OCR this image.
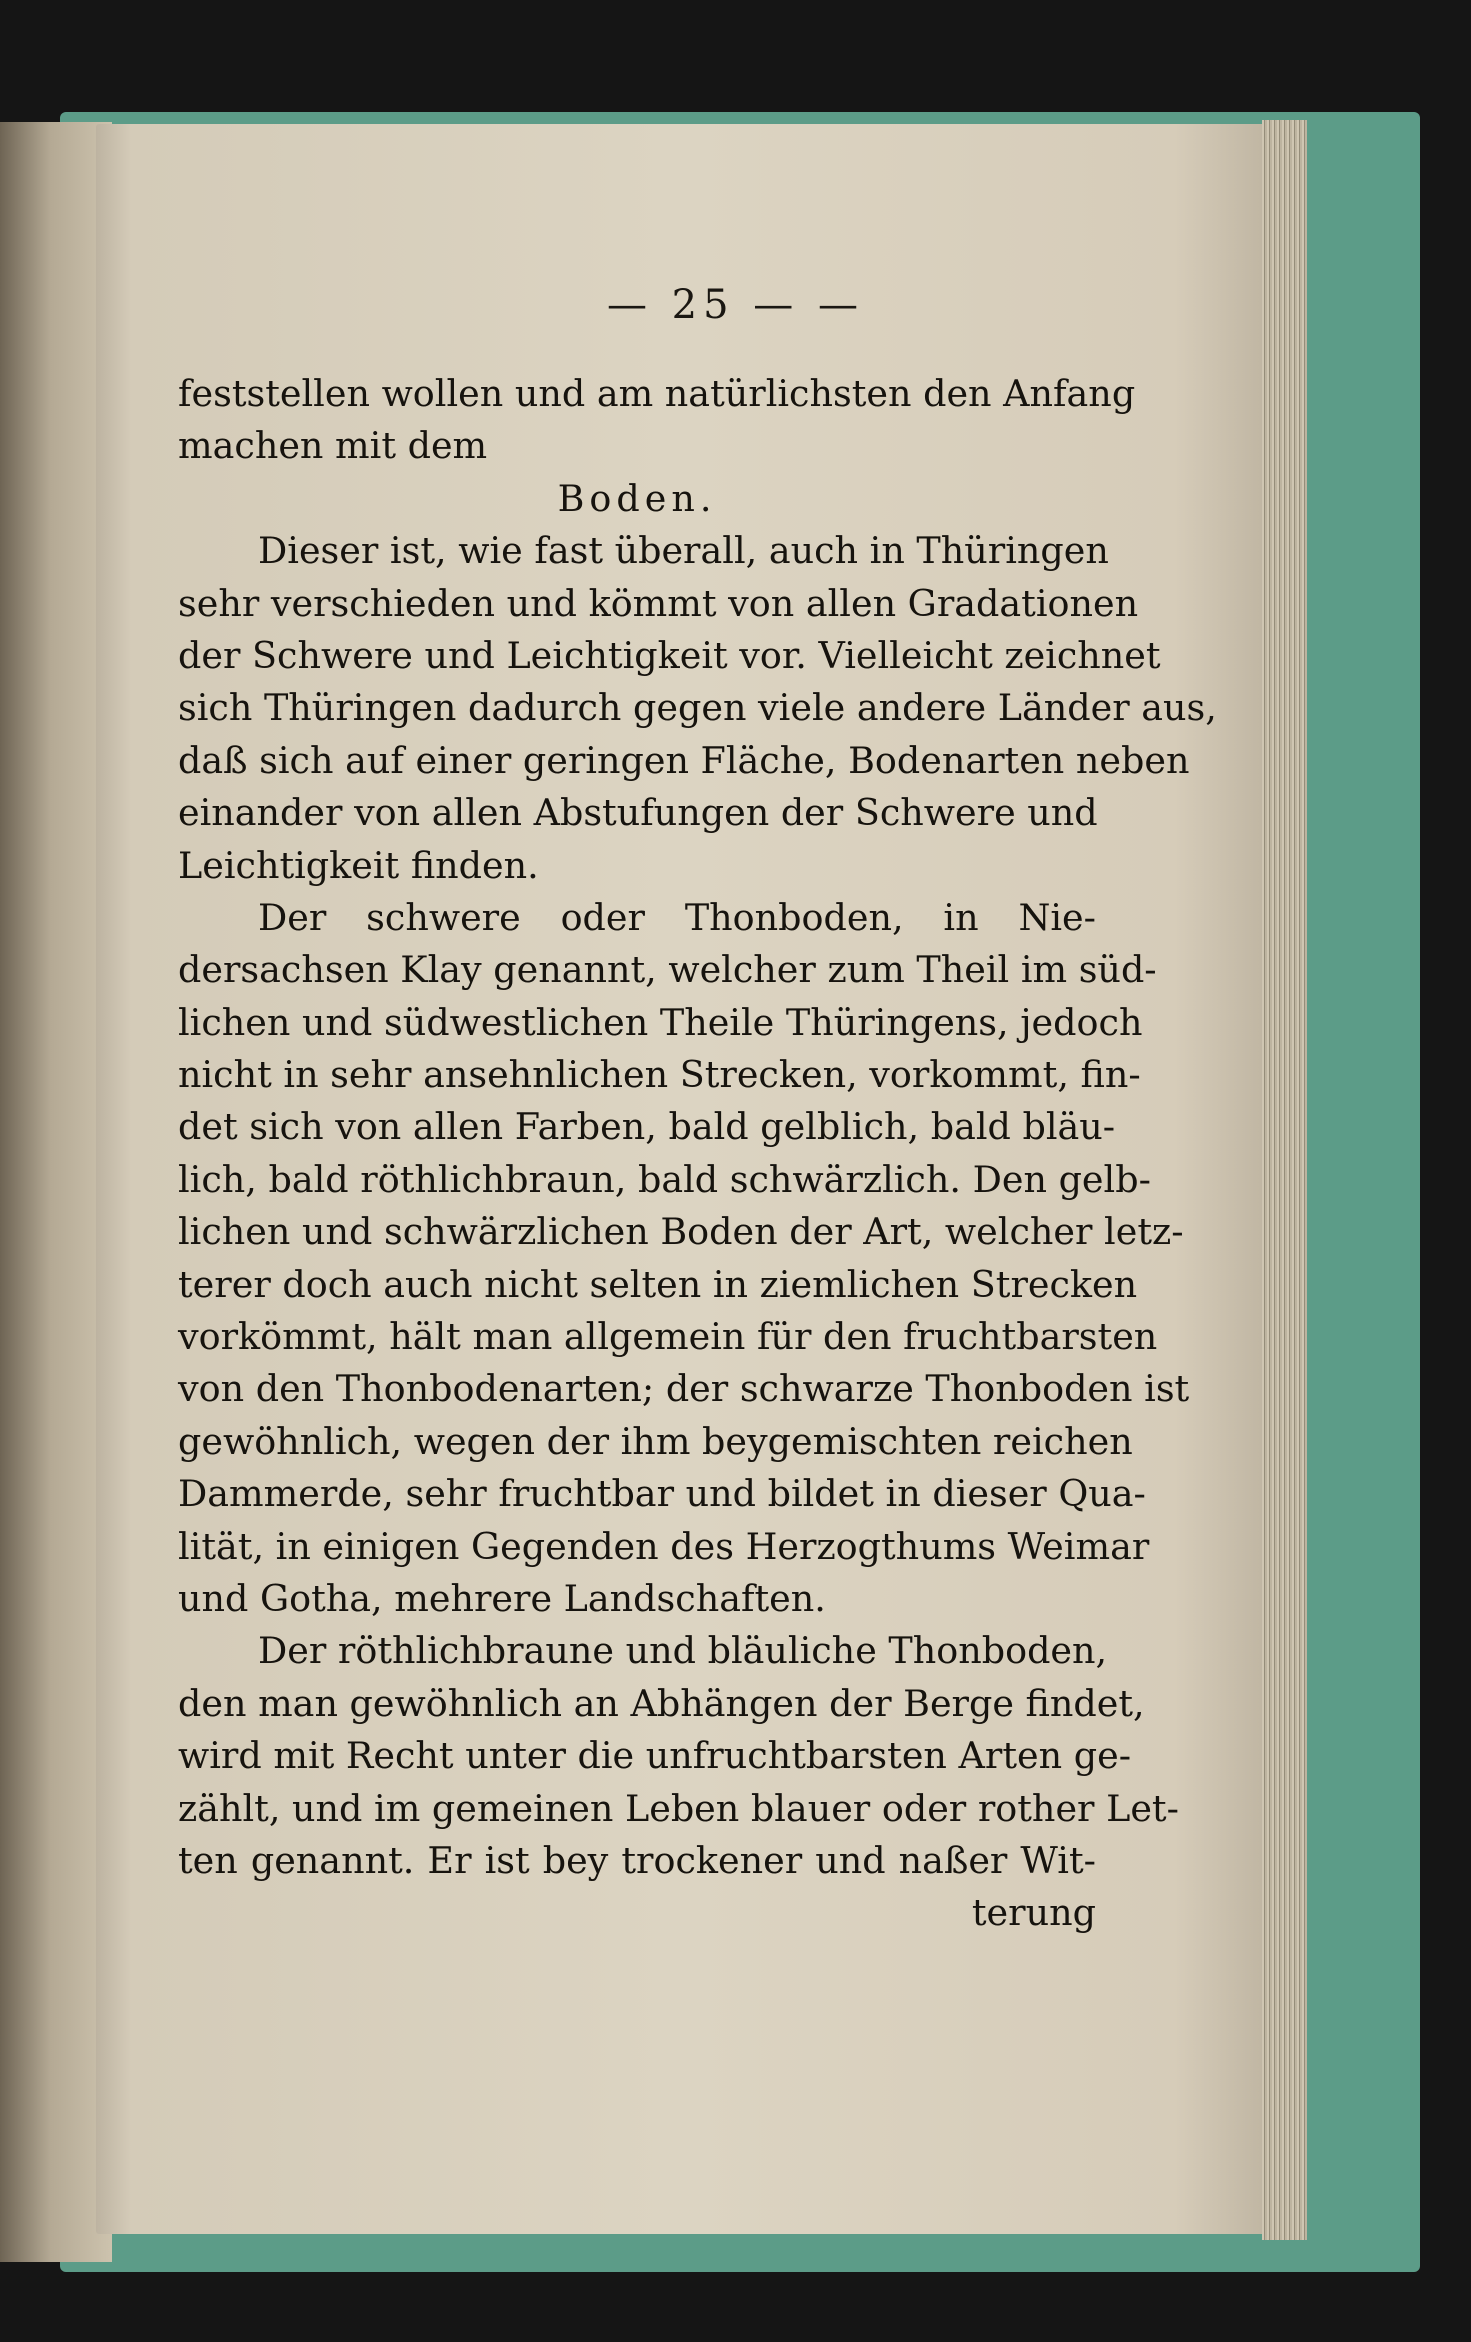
— 25 — —
feststellen wollen und am natürlichsten den Anfang
machen mit dem
Boden.
Dieser ist, wie fast überall, auch in Thüringen
sehr verschieden und kömmt von allen Gradationen
der Schwere und Leichtigkeit vor. Vielleicht zeichnet
sich Thüringen dadurch gegen viele andere Länder aus,
daß sich auf einer geringen Fläche, Bodenarten neben
einander von allen Abstufungen der Schwere und
Leichtigkeit finden.
Der schwere oder Thonboden, in Nie-
dersachsen Klay genannt, welcher zum Theil im süd-
lichen und südwestlichen Theile Thüringens, jedoch
nicht in sehr ansehnlichen Strecken, vorkommt, fin-
det sich von allen Farben, bald gelblich, bald bläu-
lich, bald röthlichbraun, bald schwärzlich. Den gelb-
lichen und schwärzlichen Boden der Art, welcher letz-
terer doch auch nicht selten in ziemlichen Strecken
vorkömmt, hält man allgemein für den fruchtbarsten
von den Thonbodenarten; der schwarze Thonboden ist
gewöhnlich, wegen der ihm beygemischten reichen
Dammerde, sehr fruchtbar und bildet in dieser Qua-
lität, in einigen Gegenden des Herzogthums Weimar
und Gotha, mehrere Landschaften.
Der röthlichbraune und bläuliche Thonboden,
den man gewöhnlich an Abhängen der Berge findet,
wird mit Recht unter die unfruchtbarsten Arten ge-
zählt, und im gemeinen Leben blauer oder rother Let-
ten genannt. Er ist bey trockener und naßer Wit-
terung
